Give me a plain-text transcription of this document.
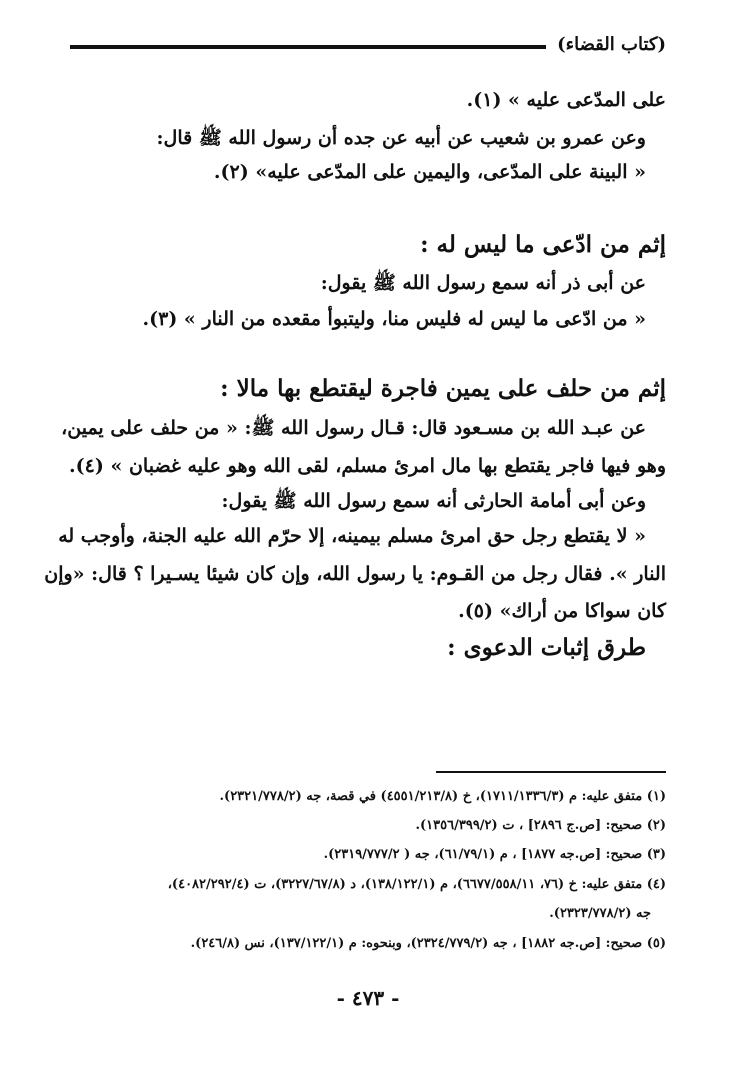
(كتاب القضاء)
على المدّعى عليه » (١).
وعن عمرو بن شعيب عن أبيه عن جده أن رسول الله ﷺ قال:
« البينة على المدّعى، واليمين على المدّعى عليه» (٢).
إثم من ادّعى ما ليس له :
عن أبى ذر أنه سمع رسول الله ﷺ يقول:
« من ادّعى ما ليس له فليس منا، وليتبوأ مقعده من النار » (٣).
إثم من حلف على يمين فاجرة ليقتطع بها مالا :
عن عبـد الله بن مسـعود قال: قـال رسول الله ﷺ: « من حلف على يمين،
وهو فيها فاجر يقتطع بها مال امرئ مسلم، لقى الله وهو عليه غضبان » (٤).
وعن أبى أمامة الحارثى أنه سمع رسول الله ﷺ يقول:
« لا يقتطع رجل حق امرئ مسلم بيمينه، إلا حرّم الله عليه الجنة، وأوجب له
النار ». فقال رجل من القـوم: يا رسول الله، وإن كان شيئا يسـيرا ؟ قال: «وإن
كان سواكا من أراك» (٥).
طرق إثبات الدعوى :
(١) متفق عليه: م (١٧١١/١٣٣٦/٣)، خ (٤٥٥١/٢١٣/٨) في قصة، جه (٢٣٢١/٧٧٨/٢).
(٢) صحيح: [ص.ج ٢٨٩٦] ، ت (١٣٥٦/٣٩٩/٢).
(٣) صحيح: [ص.جه ١٨٧٧] ، م (٦١/٧٩/١)، جه ( ٢٣١٩/٧٧٧/٢).
(٤) متفق عليه: خ (٧٦، ٦٦٧٧/٥٥٨/١١)، م (١٣٨/١٢٢/١)، د (٣٢٢٧/٦٧/٨)، ت (٤٠٨٢/٢٩٢/٤)،
جه (٢٣٢٣/٧٧٨/٢).
(٥) صحيح: [ص.جه ١٨٨٢] ، جه (٢٣٢٤/٧٧٩/٢)، وبنحوه: م (١٣٧/١٢٢/١)، نس (٢٤٦/٨).
- ٤٧٣ -
